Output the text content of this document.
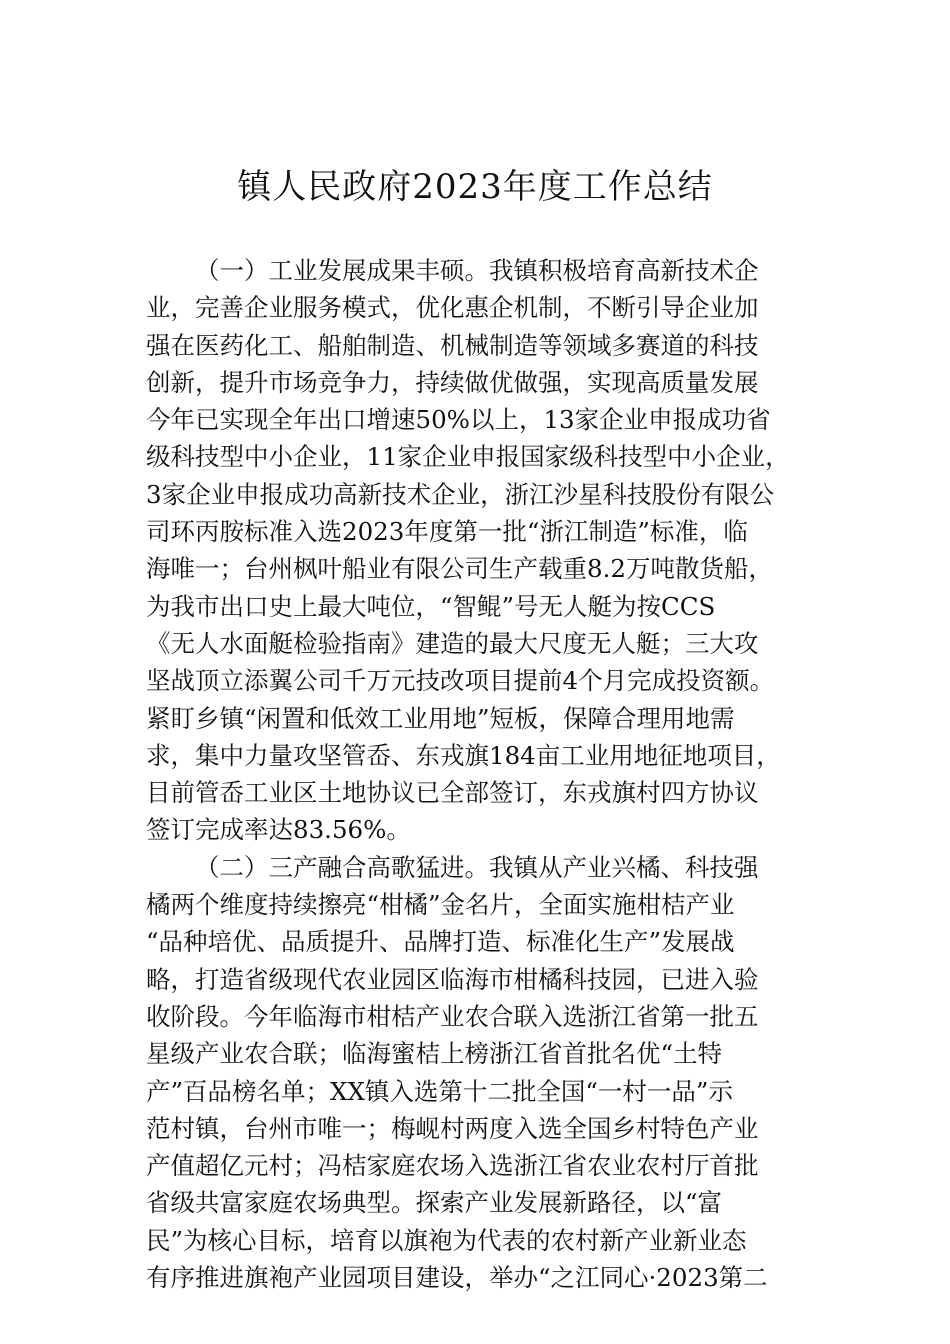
镇人民政府2023年度工作总结

（一）工业发展成果丰硕。我镇积极培育高新技术企
业，完善企业服务模式，优化惠企机制，不断引导企业加
强在医药化工、船舶制造、机械制造等领域多赛道的科技
创新，提升市场竞争力，持续做优做强，实现高质量发展
今年已实现全年出口增速50%以上，13家企业申报成功省
级科技型中小企业，11家企业申报国家级科技型中小企业，
3家企业申报成功高新技术企业，浙江沙星科技股份有限公
司环丙胺标准入选2023年度第一批“浙江制造”标准，临
海唯一；台州枫叶船业有限公司生产载重8.2万吨散货船，
为我市出口史上最大吨位，“智鲲”号无人艇为按CCS
《无人水面艇检验指南》建造的最大尺度无人艇；三大攻
坚战顶立添翼公司千万元技改项目提前4个月完成投资额。
紧盯乡镇“闲置和低效工业用地”短板，保障合理用地需
求，集中力量攻坚管岙、东戎旗184亩工业用地征地项目，
目前管岙工业区土地协议已全部签订，东戎旗村四方协议
签订完成率达83.56%。

（二）三产融合高歌猛进。我镇从产业兴橘、科技强
橘两个维度持续擦亮“柑橘”金名片，全面实施柑桔产业
“品种培优、品质提升、品牌打造、标准化生产”发展战
略，打造省级现代农业园区临海市柑橘科技园，已进入验
收阶段。今年临海市柑桔产业农合联入选浙江省第一批五
星级产业农合联；临海蜜桔上榜浙江省首批名优“土特
产”百品榜名单；XX镇入选第十二批全国“一村一品”示
范村镇，台州市唯一；梅岘村两度入选全国乡村特色产业
产值超亿元村；冯桔家庭农场入选浙江省农业农村厅首批
省级共富家庭农场典型。探索产业发展新路径，以“富
民”为核心目标，培育以旗袍为代表的农村新产业新业态
有序推进旗袍产业园项目建设，举办“之江同心·2023第二
